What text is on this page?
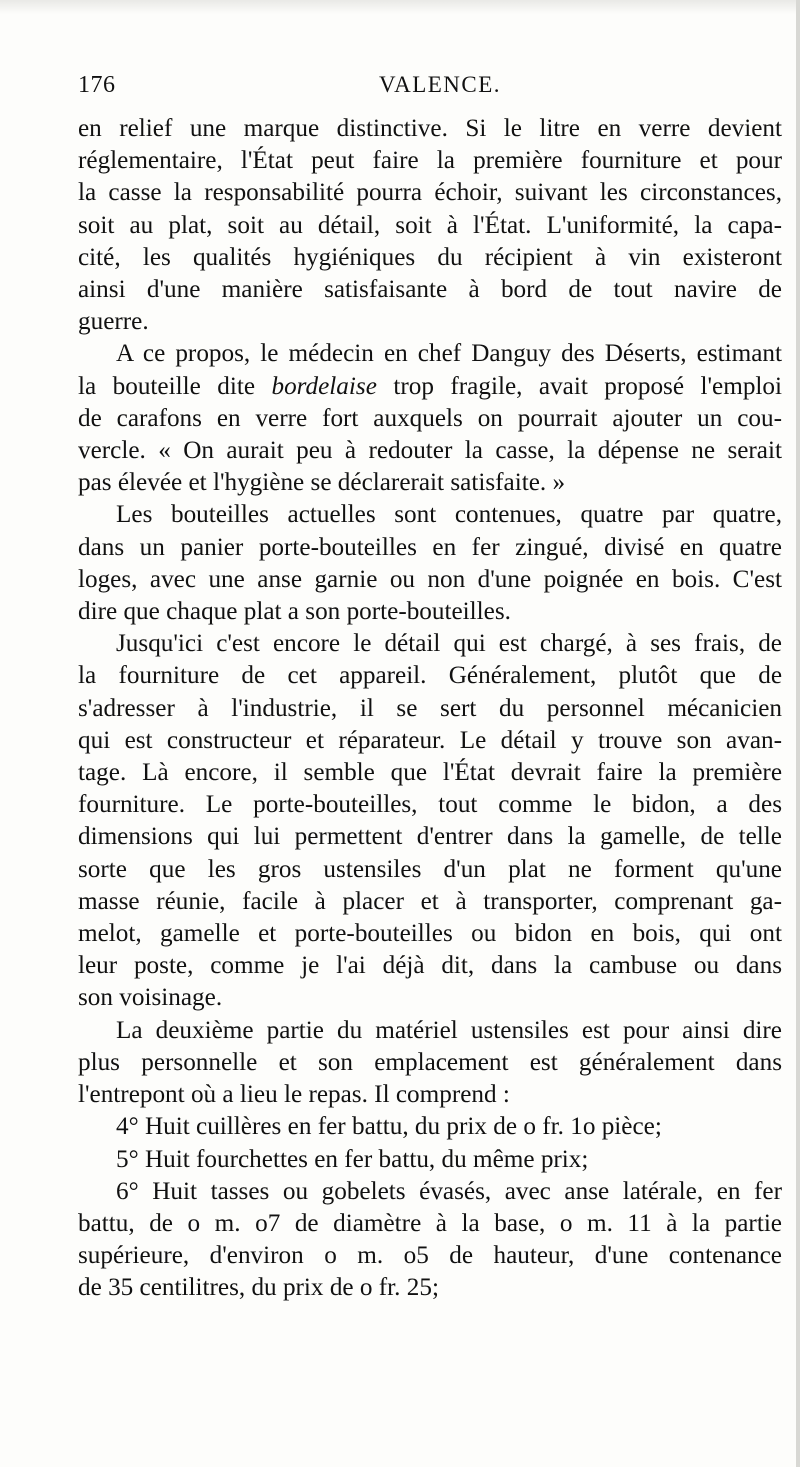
176	VALENCE.
en relief une marque distinctive. Si le litre en verre devient
réglementaire, l'État peut faire la première fourniture et pour
la casse la responsabilité pourra échoir, suivant les circonstances,
soit au plat, soit au détail, soit à l'État. L'uniformité, la capa-
cité, les qualités hygiéniques du récipient à vin existeront
ainsi d'une manière satisfaisante à bord de tout navire de
guerre.
A ce propos, le médecin en chef Danguy des Déserts, estimant
la bouteille dite bordelaise trop fragile, avait proposé l'emploi
de carafons en verre fort auxquels on pourrait ajouter un cou-
vercle. « On aurait peu à redouter la casse, la dépense ne serait
pas élevée et l'hygiène se déclarerait satisfaite. »
Les bouteilles actuelles sont contenues, quatre par quatre,
dans un panier porte-bouteilles en fer zingué, divisé en quatre
loges, avec une anse garnie ou non d'une poignée en bois. C'est
dire que chaque plat a son porte-bouteilles.
Jusqu'ici c'est encore le détail qui est chargé, à ses frais, de
la fourniture de cet appareil. Généralement, plutôt que de
s'adresser à l'industrie, il se sert du personnel mécanicien
qui est constructeur et réparateur. Le détail y trouve son avan-
tage. Là encore, il semble que l'État devrait faire la première
fourniture. Le porte-bouteilles, tout comme le bidon, a des
dimensions qui lui permettent d'entrer dans la gamelle, de telle
sorte que les gros ustensiles d'un plat ne forment qu'une
masse réunie, facile à placer et à transporter, comprenant ga-
melot, gamelle et porte-bouteilles ou bidon en bois, qui ont
leur poste, comme je l'ai déjà dit, dans la cambuse ou dans
son voisinage.
La deuxième partie du matériel ustensiles est pour ainsi dire
plus personnelle et son emplacement est généralement dans
l'entrepont où a lieu le repas. Il comprend :
4° Huit cuillères en fer battu, du prix de o fr. 1o pièce;
5° Huit fourchettes en fer battu, du même prix;
6° Huit tasses ou gobelets évasés, avec anse latérale, en fer
battu, de o m. o7 de diamètre à la base, o m. 11 à la partie
supérieure, d'environ o m. o5 de hauteur, d'une contenance
de 35 centilitres, du prix de o fr. 25;
